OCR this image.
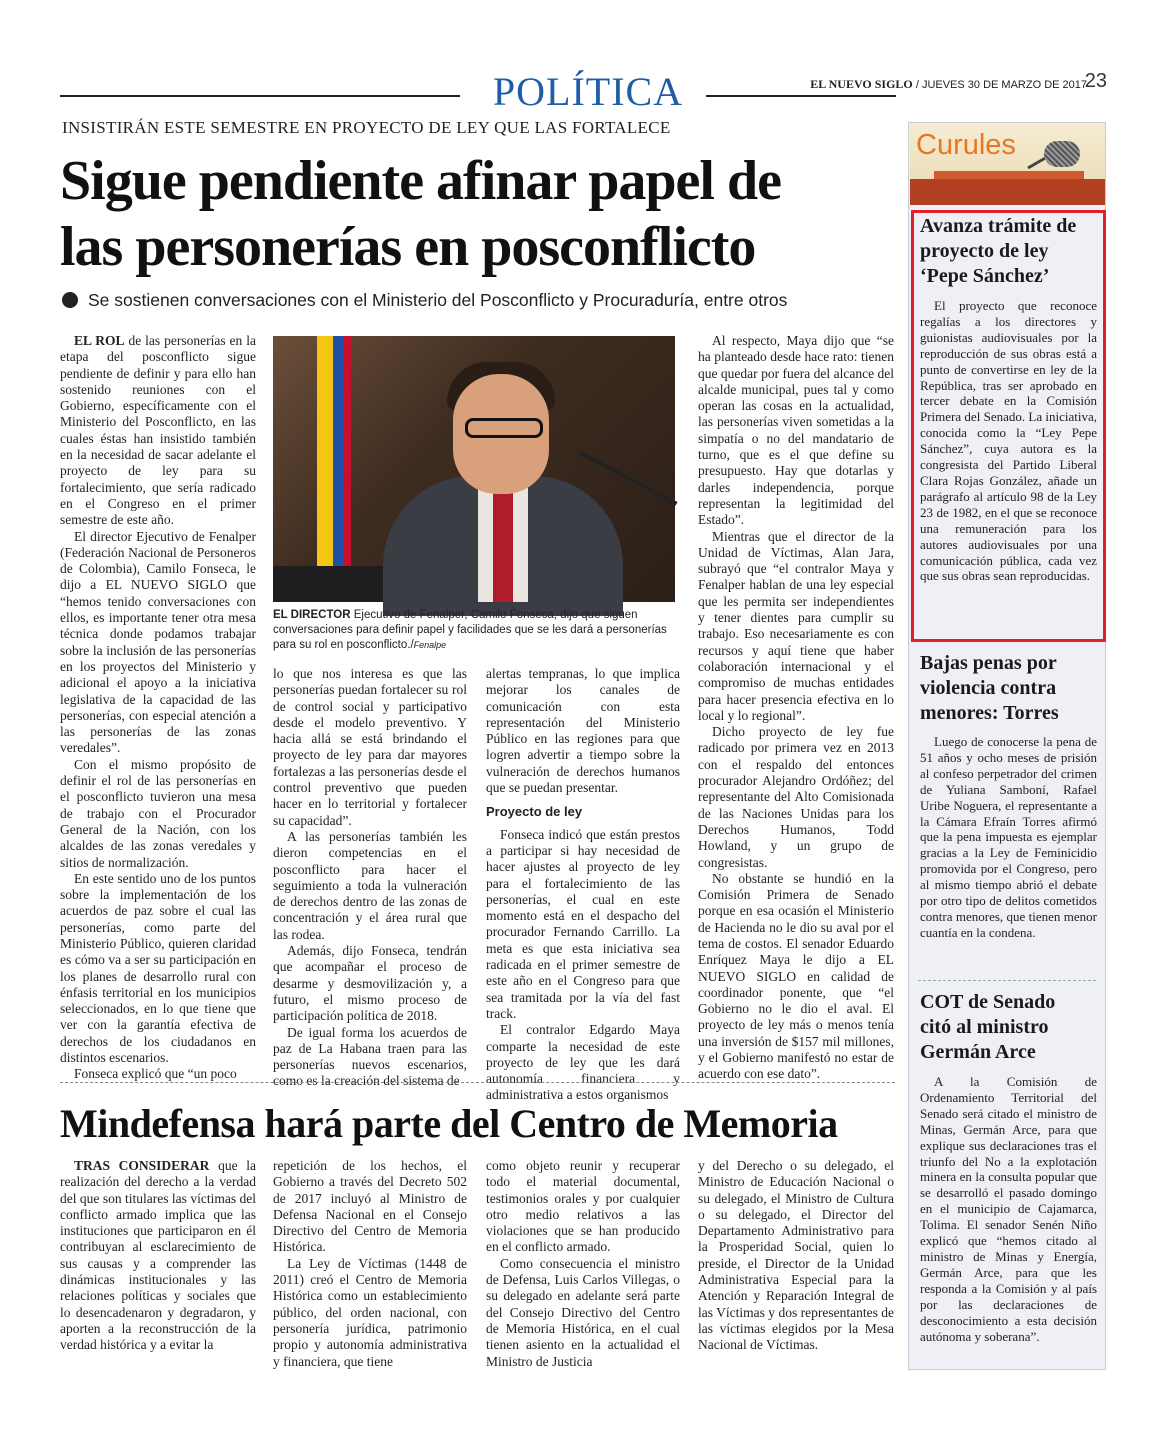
POLÍTICA	EL NUEVO SIGLO / JUEVES 30 DE MARZO DE 2017
23
INSISTIRÁN ESTE SEMESTRE EN PROYECTO DE LEY QUE LAS FORTALECE
Sigue pendiente afinar papel de
las personerías en posconflicto
Se sostienen conversaciones con el Ministerio del Posconflicto y Procuraduría, entre otros

EL ROL de las personerías en la etapa del posconflicto sigue pendiente de definir y para ello han sostenido reuniones con el Gobierno, específicamente con el Ministerio del Posconflicto, en las cuales éstas han insistido también en la necesidad de sacar adelante el proyecto de ley para su fortalecimiento, que sería radicado en el Congreso en el primer semestre de este año.

El director Ejecutivo de Fenalper (Federación Nacional de Personeros de Colombia), Camilo Fonseca, le dijo a EL NUEVO SIGLO que “hemos tenido conversaciones con ellos, es importante tener otra mesa técnica donde podamos trabajar sobre la inclusión de las personerías en los proyectos del Ministerio y adicional el apoyo a la iniciativa legislativa de la capacidad de las personerías, con especial atención a las personerías de las zonas veredales”.

Con el mismo propósito de definir el rol de las personerías en el posconflicto tuvieron una mesa de trabajo con el Procurador General de la Nación, con los alcaldes de las zonas veredales y sitios de normalización.

En este sentido uno de los puntos sobre la implementación de los acuerdos de paz sobre el cual las personerías, como parte del Ministerio Público, quieren claridad es cómo va a ser su participación en los planes de desarrollo rural con énfasis territorial en los municipios seleccionados, en lo que tiene que ver con la garantía efectiva de derechos de los ciudadanos en distintos escenarios.

Fonseca explicó que “un poco

EL DIRECTOR Ejecutivo de Fenalper, Camilo Fonseca, dijo que siguen conversaciones para definir papel y facilidades que se les dará a personerías para su rol en posconflicto./Fenalpe

lo que nos interesa es que las personerías puedan fortalecer su rol de control social y participativo desde el modelo preventivo. Y hacia allá se está brindando el proyecto de ley para dar mayores fortalezas a las personerías desde el control preventivo que pueden hacer en lo territorial y fortalecer su capacidad”.

A las personerías también les dieron competencias en el posconflicto para hacer el seguimiento a toda la vulneración de derechos dentro de las zonas de concentración y el área rural que las rodea.

Además, dijo Fonseca, tendrán que acompañar el proceso de desarme y desmovilización y, a futuro, el mismo proceso de participación política de 2018.

De igual forma los acuerdos de paz de La Habana traen para las personerías nuevos escenarios, como es la creación del sistema de

alertas tempranas, lo que implica mejorar los canales de comunicación con esta representación del Ministerio Público en las regiones para que logren advertir a tiempo sobre la vulneración de derechos humanos que se puedan presentar.

Proyecto de ley

Fonseca indicó que están prestos a participar si hay necesidad de hacer ajustes al proyecto de ley para el fortalecimiento de las personerías, el cual en este momento está en el despacho del procurador Fernando Carrillo. La meta es que esta iniciativa sea radicada en el primer semestre de este año en el Congreso para que sea tramitada por la vía del fast track.

El contralor Edgardo Maya comparte la necesidad de este proyecto de ley que les dará autonomía financiera y administrativa a estos organismos

Al respecto, Maya dijo que “se ha planteado desde hace rato: tienen que quedar por fuera del alcance del alcalde municipal, pues tal y como operan las cosas en la actualidad, las personerías viven sometidas a la simpatía o no del mandatario de turno, que es el que define su presupuesto. Hay que dotarlas y darles independencia, porque representan la legitimidad del Estado”.

Mientras que el director de la Unidad de Víctimas, Alan Jara, subrayó que “el contralor Maya y Fenalper hablan de una ley especial que les permita ser independientes y tener dientes para cumplir su trabajo. Eso necesariamente es con recursos y aquí tiene que haber colaboración internacional y el compromiso de muchas entidades para hacer presencia efectiva en lo local y lo regional”.

Dicho proyecto de ley fue radicado por primera vez en 2013 con el respaldo del entonces procurador Alejandro Ordóñez; del representante del Alto Comisionada de las Naciones Unidas para los Derechos Humanos, Todd Howland, y un grupo de congresistas.

No obstante se hundió en la Comisión Primera de Senado porque en esa ocasión el Ministerio de Hacienda no le dio su aval por el tema de costos. El senador Eduardo Enríquez Maya le dijo a EL NUEVO SIGLO en calidad de coordinador ponente, que “el Gobierno no le dio el aval. El proyecto de ley más o menos tenía una inversión de $157 mil millones, y el Gobierno manifestó no estar de acuerdo con ese dato”.

Mindefensa hará parte del Centro de Memoria

TRAS CONSIDERAR que la realización del derecho a la verdad del que son titulares las víctimas del conflicto armado implica que las instituciones que participaron en él contribuyan al esclarecimiento de sus causas y a comprender las dinámicas institucionales y las relaciones políticas y sociales que lo desencadenaron y degradaron, y aporten a la reconstrucción de la verdad histórica y a evitar la

repetición de los hechos, el Gobierno a través del Decreto 502 de 2017 incluyó al Ministro de Defensa Nacional en el Consejo Directivo del Centro de Memoria Histórica.

La Ley de Víctimas (1448 de 2011) creó el Centro de Memoria Histórica como un establecimiento público, del orden nacional, con personería jurídica, patrimonio propio y autonomía administrativa y financiera, que tiene

como objeto reunir y recuperar todo el material documental, testimonios orales y por cualquier otro medio relativos a las violaciones que se han producido en el conflicto armado.

Como consecuencia el ministro de Defensa, Luis Carlos Villegas, o su delegado en adelante será parte del Consejo Directivo del Centro de Memoria Histórica, en el cual tienen asiento en la actualidad el Ministro de Justicia

y del Derecho o su delegado, el Ministro de Educación Nacional o su delegado, el Ministro de Cultura o su delegado, el Director del Departamento Administrativo para la Prosperidad Social, quien lo preside, el Director de la Unidad Administrativa Especial para la Atención y Reparación Integral de las Víctimas y dos representantes de las víctimas elegidos por la Mesa Nacional de Víctimas.

Curules
Avanza trámite de proyecto de ley ‘Pepe Sánchez’

El proyecto que reconoce regalías a los directores y guionistas audiovisuales por la reproducción de sus obras está a punto de convertirse en ley de la República, tras ser aprobado en tercer debate en la Comisión Primera del Senado. La iniciativa, conocida como la “Ley Pepe Sánchez”, cuya autora es la congresista del Partido Liberal Clara Rojas González, añade un parágrafo al artículo 98 de la Ley 23 de 1982, en el que se reconoce una remuneración para los autores audiovisuales por una comunicación pública, cada vez que sus obras sean reproducidas.

Bajas penas por violencia contra menores: Torres

Luego de conocerse la pena de 51 años y ocho meses de prisión al confeso perpetrador del crimen de Yuliana Samboní, Rafael Uribe Noguera, el representante a la Cámara Efraín Torres afirmó que la pena impuesta es ejemplar gracias a la Ley de Feminicidio promovida por el Congreso, pero al mismo tiempo abrió el debate por otro tipo de delitos cometidos contra menores, que tienen menor cuantía en la condena.

COT de Senado citó al ministro Germán Arce

A la Comisión de Ordenamiento Territorial del Senado será citado el ministro de Minas, Germán Arce, para que explique sus declaraciones tras el triunfo del No a la explotación minera en la consulta popular que se desarrolló el pasado domingo en el municipio de Cajamarca, Tolima. El senador Senén Niño explicó que “hemos citado al ministro de Minas y Energía, Germán Arce, para que les responda a la Comisión y al país por las declaraciones de desconocimiento a esta decisión autónoma y soberana”.
